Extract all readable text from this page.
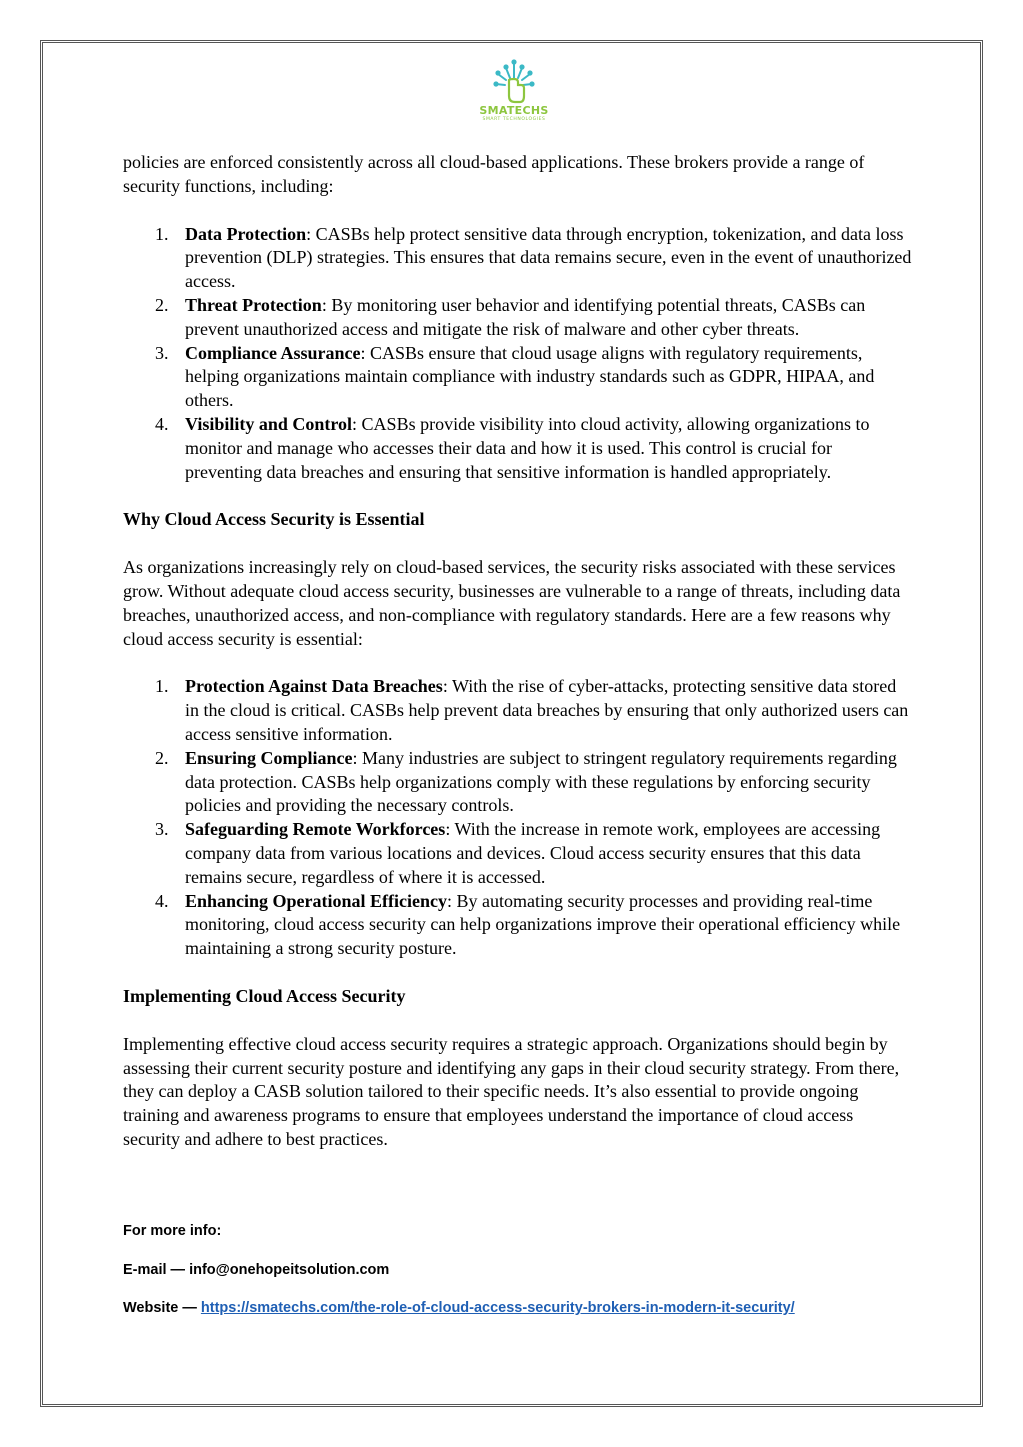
SMATECHS
SMART TECHNOLOGIES

policies are enforced consistently across all cloud-based applications. These brokers provide a range of security functions, including:

1. Data Protection: CASBs help protect sensitive data through encryption, tokenization, and data loss prevention (DLP) strategies. This ensures that data remains secure, even in the event of unauthorized access.
2. Threat Protection: By monitoring user behavior and identifying potential threats, CASBs can prevent unauthorized access and mitigate the risk of malware and other cyber threats.
3. Compliance Assurance: CASBs ensure that cloud usage aligns with regulatory requirements, helping organizations maintain compliance with industry standards such as GDPR, HIPAA, and others.
4. Visibility and Control: CASBs provide visibility into cloud activity, allowing organizations to monitor and manage who accesses their data and how it is used. This control is crucial for preventing data breaches and ensuring that sensitive information is handled appropriately.

Why Cloud Access Security is Essential

As organizations increasingly rely on cloud-based services, the security risks associated with these services grow. Without adequate cloud access security, businesses are vulnerable to a range of threats, including data breaches, unauthorized access, and non-compliance with regulatory standards. Here are a few reasons why cloud access security is essential:

1. Protection Against Data Breaches: With the rise of cyber-attacks, protecting sensitive data stored in the cloud is critical. CASBs help prevent data breaches by ensuring that only authorized users can access sensitive information.
2. Ensuring Compliance: Many industries are subject to stringent regulatory requirements regarding data protection. CASBs help organizations comply with these regulations by enforcing security policies and providing the necessary controls.
3. Safeguarding Remote Workforces: With the increase in remote work, employees are accessing company data from various locations and devices. Cloud access security ensures that this data remains secure, regardless of where it is accessed.
4. Enhancing Operational Efficiency: By automating security processes and providing real-time monitoring, cloud access security can help organizations improve their operational efficiency while maintaining a strong security posture.

Implementing Cloud Access Security

Implementing effective cloud access security requires a strategic approach. Organizations should begin by assessing their current security posture and identifying any gaps in their cloud security strategy. From there, they can deploy a CASB solution tailored to their specific needs. It’s also essential to provide ongoing training and awareness programs to ensure that employees understand the importance of cloud access security and adhere to best practices.

For more info:
E-mail — info@onehopeitsolution.com
Website — https://smatechs.com/the-role-of-cloud-access-security-brokers-in-modern-it-security/
